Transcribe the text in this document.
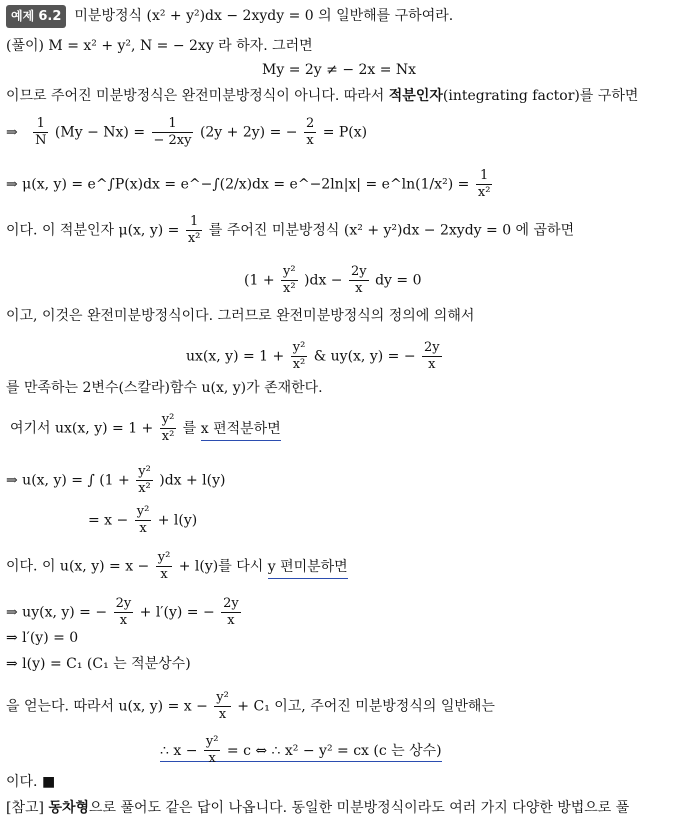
예제 6.2 미분방정식 (x² + y²)dx − 2xydy = 0 의 일반해를 구하여라.
(풀이) M = x² + y², N = − 2xy 라 하자. 그러면
My = 2y ≠ − 2x = Nx
이므로 주어진 미분방정식은 완전미분방정식이 아니다. 따라서 적분인자(integrating factor)를 구하면
⇒ $\frac{1}{N} (My - Nx) = \frac{1}{- 2xy} (2y + 2y)$ = − $\frac{2}{x} = P(x)$
⇒ μ(x, y) = e^∫P(x)dx = e^−∫(2/x)dx = e^−2ln|x| = e^ln(1/x²) = $\frac{1}{\text{x²}}$
이다. 이 적분인자 μ(x, $y) = \frac{1}{\text{x²}}$ 를 주어진 미분방정식 (x² + y²)dx − 2xydy = 0 에 곱하면
$(1 + \frac{\text{y²}}{\text{x²}} )dx - \frac{2y}{x}$ dy = 0
이고, 이것은 완전미분방정식이다. 그러므로 완전미분방정식의 정의에 의해서
ux(x, $y) = 1 + \frac{\text{y²}}{\text{x²}}$ & uy(x, y) = − $\frac{2y}{x}$
를 만족하는 2변수(스칼라)함수 u(x, y)가 존재한다.
여기서 ux(x, $y) = 1 + \frac{\text{y²}}{\text{x²}}$ 를 x 편적분하면
⇒ u(x, y) = ∫ $(1 + \frac{\text{y²}}{\text{x²}} )dx + l(y)$
= $x - \frac{\text{y²}}{x} + l(y)$
이다. 이 u(x, $y) = x - \frac{\text{y²}}{x} + l(y)$를 다시 y 편미분하면
⇒ uy(x, y) = − $\frac{2y}{x} + l'(y)$ = − $\frac{2y}{x}$
⇒ l′(y) = 0
⇒ l(y) = C₁ (C₁ 는 적분상수)
을 얻는다. 따라서 u(x, $y) = x - \frac{\text{y²}}{x} + C_1$ 이고, 주어진 미분방정식의 일반해는
∴ $x - \frac{\text{y²}}{x} = c$ ⇔ ∴ x² − y² = cx (c 는 상수)
이다. ■
[참고] 동차형으로 풀어도 같은 답이 나옵니다. 동일한 미분방정식이라도 여러 가지 다양한 방법으로 풀
